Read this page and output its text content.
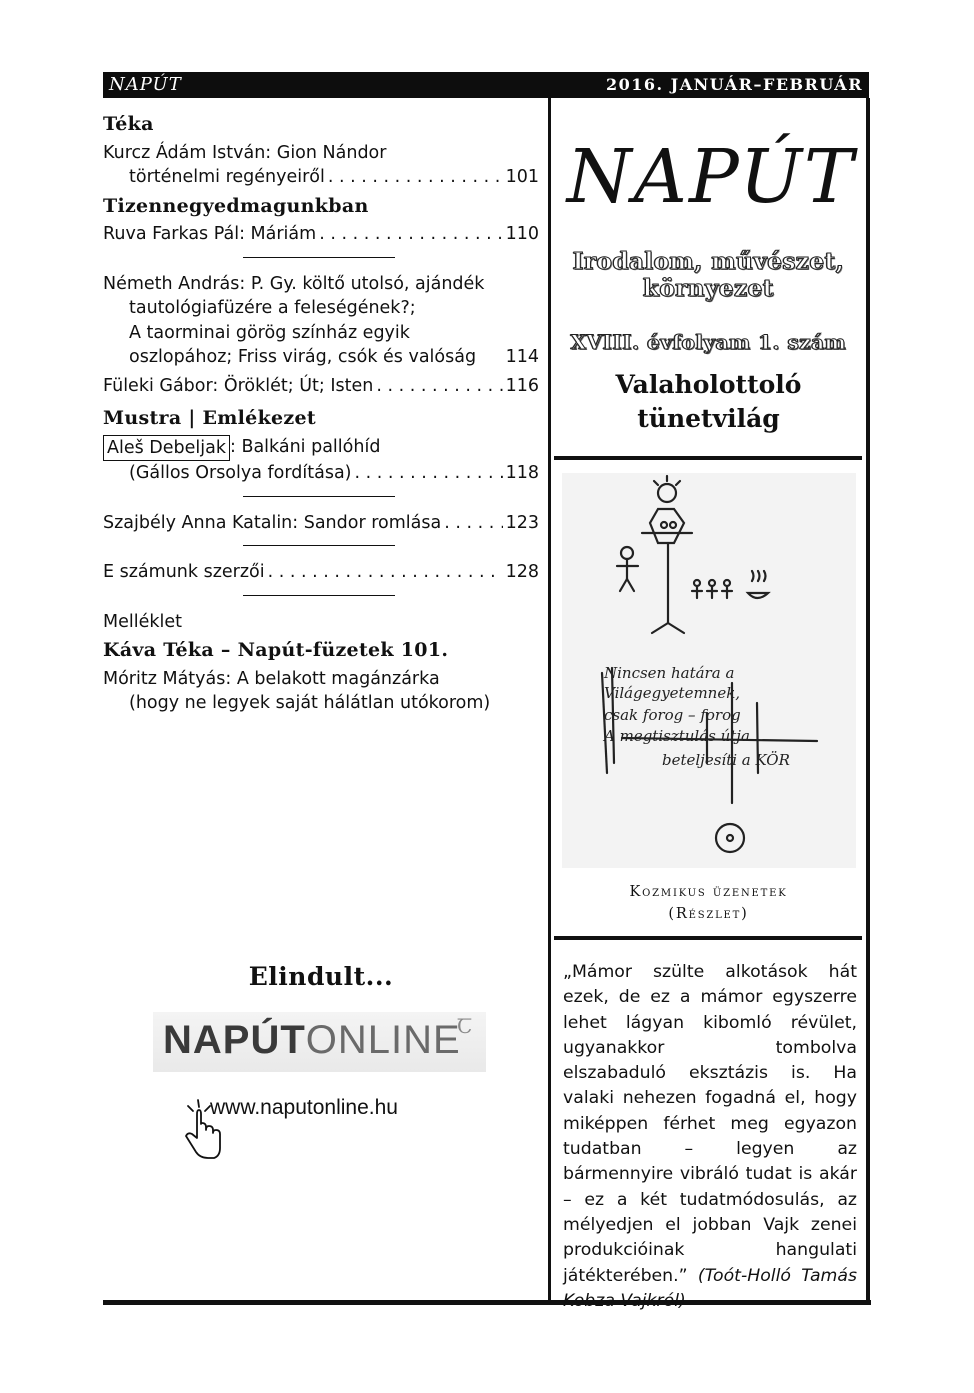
NAPÚT	2016. JANUÁR–FEBRUÁR
Téka
Kurcz Ádám István: Gion Nándor
történelmi regényeiről . . .	101
Tizennegyedmagunkban
Ruva Farkas Pál: Máriám . . .	110
Németh András: P. Gy. költő utolsó, ajándék
tautológiafüzére a feleségének?;
A taorminai görög színház egyik
oszlopához; Friss virág, csók és valóság 114
Füleki Gábor: Öröklét; Út; Isten . . .	116
Mustra | Emlékezet
Aleš Debeljak : Balkáni pallóhíd
(Gállos Orsolya fordítása) . . .	118
Szajbély Anna Katalin: Sandor romlása . . .	123
E számunk szerzői . . .	128
Melléklet
Káva Téka – Napút-füzetek 101.
Móritz Mátyás: A belakott magánzárka
(hogy ne legyek saját hálátlan utókorom)
NAPÚT
Irodalom, művészet,
környezet
XVIII. évfolyam 1. szám
Valaholottoló
tünetvilág
Nincsen határa a
Világegyetemnek,
csak forog – forog
A megtisztulás útja
beteljesíti a KÖR
Kozmikus üzenetek
(Részlet)
„Mámor szülte alkotások hát ezek, de ez a mámor egyszerre lehet lágyan kibomló révület, ugyanakkor tombolva elszabaduló eksztázis is. Ha valaki nehezen fogadná el, hogy miképpen férhet meg egyazon tudatban – legyen az bármennyire vibráló tudat is akár – ez a két tudatmódosulás, az mélyedjen el jobban Vajk zenei produkcióinak hangulati játékterében.” (Toót-Holló Tamás Kobza Vajkról)
Elindult...
NAPÚTONLINE
Ꞇ
www.naputonline.hu
